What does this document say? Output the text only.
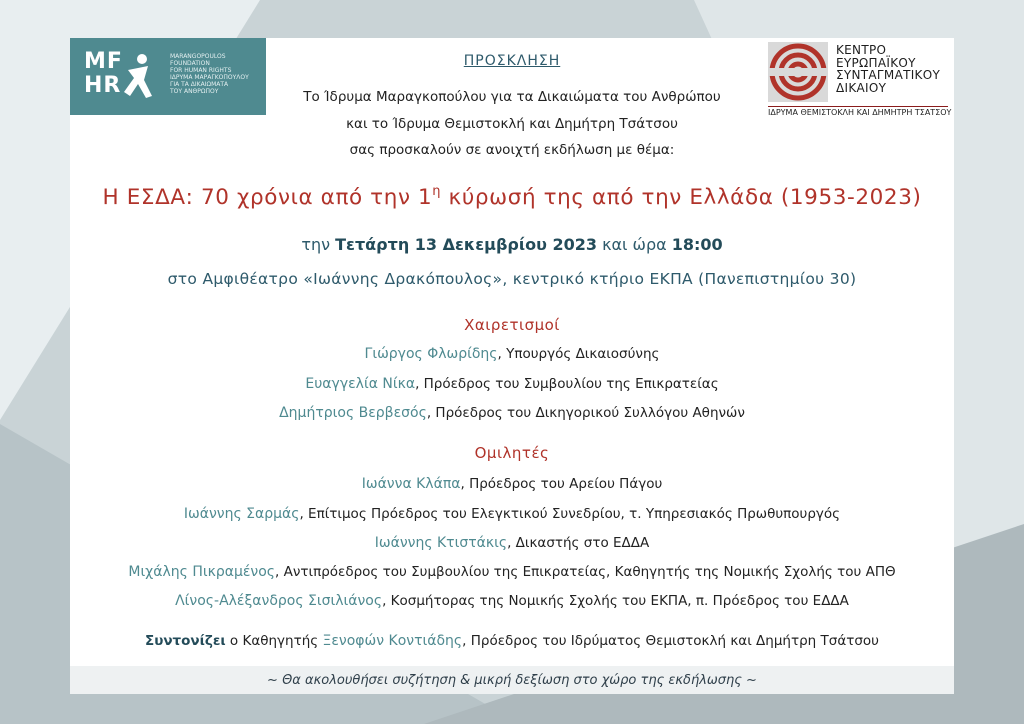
MF
HR
MARANGOPOULOS
FOUNDATION
FOR HUMAN RIGHTS
ΙΔΡΥΜΑ ΜΑΡΑΓΚΟΠΟΥΛΟΥ
ΓΙΑ ΤΑ ΔΙΚΑΙΩΜΑΤΑ
ΤΟΥ ΑΝΘΡΩΠΟΥ
ΚΕΝΤΡΟ
ΕΥΡΩΠΑΪΚΟΥ
ΣΥΝΤΑΓΜΑΤΙΚΟΥ
ΔΙΚΑΙΟΥ
ΙΔΡΥΜΑ ΘΕΜΙΣΤΟΚΛΗ ΚΑΙ ΔΗΜΗΤΡΗ ΤΣΑΤΣΟΥ
ΠΡΟΣΚΛΗΣΗ
Το Ίδρυμα Μαραγκοπούλου για τα Δικαιώματα του Ανθρώπου
και το Ίδρυμα Θεμιστοκλή και Δημήτρη Τσάτσου
σας προσκαλούν σε ανοιχτή εκδήλωση με θέμα:
Η ΕΣΔΑ: 70 χρόνια από την $1^\eta$ κύρωσή της από την Ελλάδα (1953-2023)
την Τετάρτη 13 Δεκεμβρίου 2023 και ώρα 18:00
στο Αμφιθέατρο «Ιωάννης Δρακόπουλος», κεντρικό κτήριο ΕΚΠΑ (Πανεπιστημίου 30)
Χαιρετισμοί
Γιώργος Φλωρίδης, Υπουργός Δικαιοσύνης
Ευαγγελία Νίκα, Πρόεδρος του Συμβουλίου της Επικρατείας
Δημήτριος Βερβεσός, Πρόεδρος του Δικηγορικού Συλλόγου Αθηνών
Ομιλητές
Ιωάννα Κλάπα, Πρόεδρος του Αρείου Πάγου
Ιωάννης Σαρμάς, Επίτιμος Πρόεδρος του Ελεγκτικού Συνεδρίου, τ. Υπηρεσιακός Πρωθυπουργός
Ιωάννης Κτιστάκις, Δικαστής στο ΕΔΔΑ
Μιχάλης Πικραμένος, Αντιπρόεδρος του Συμβουλίου της Επικρατείας, Καθηγητής της Νομικής Σχολής του ΑΠΘ
Λίνος-Αλέξανδρος Σισιλιάνος, Κοσμήτορας της Νομικής Σχολής του ΕΚΠΑ, π. Πρόεδρος του ΕΔΔΑ
Συντονίζει ο Καθηγητής Ξενοφών Κοντιάδης, Πρόεδρος του Ιδρύματος Θεμιστοκλή και Δημήτρη Τσάτσου
~ Θα ακολουθήσει συζήτηση & μικρή δεξίωση στο χώρο της εκδήλωσης ~
